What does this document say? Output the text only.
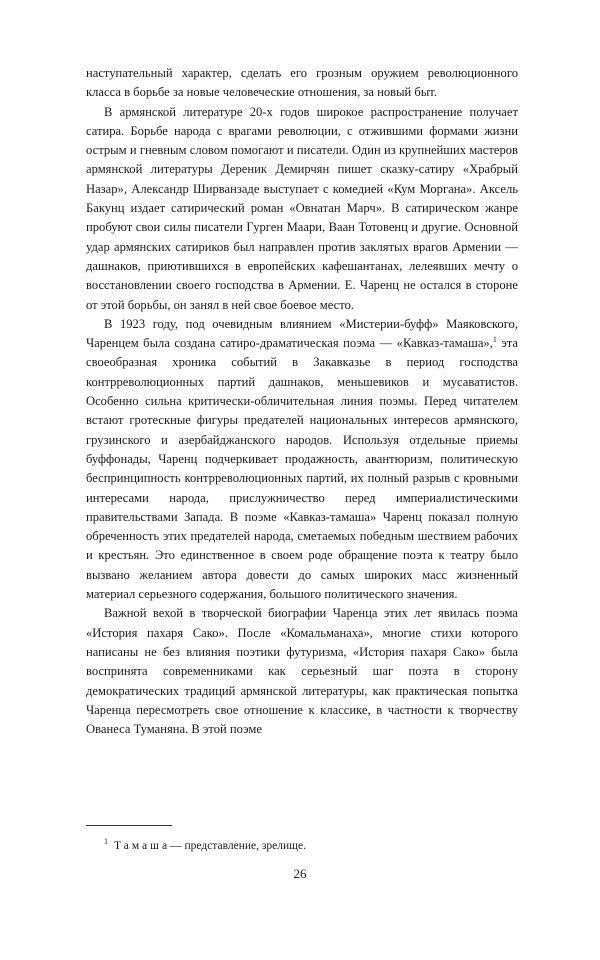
наступательный характер, сделать его грозным оружием революционного класса в борьбе за новые человеческие отношения, за новый быт.

В армянской литературе 20-х годов широкое распространение получает сатира. Борьбе народа с врагами революции, с отжившими формами жизни острым и гневным словом помогают и писатели. Один из крупнейших мастеров армянской литературы Дереник Демирчян пишет сказку-сатиру «Храбрый Назар», Александр Ширванзаде выступает с комедией «Кум Моргана». Аксель Бакунц издает сатирический роман «Овнатан Марч». В сатирическом жанре пробуют свои силы писатели Гурген Маари, Ваан Тотовенц и другие. Основной удар армянских сатириков был направлен против заклятых врагов Армении — дашнаков, приютившихся в европейских кафешантанах, лелеявших мечту о восстановлении своего господства в Армении. Е. Чаренц не остался в стороне от этой борьбы, он занял в ней свое боевое место.

В 1923 году, под очевидным влиянием «Мистерии-буфф» Маяковского, Чаренцем была создана сатиро-драматическая поэма — «Кавказ-тамаша»,$^1$ эта своеобразная хроника событий в Закавказье в период господства контрреволюционных партий дашнаков, меньшевиков и мусаватистов. Особенно сильна критически-обличительная линия поэмы. Перед читателем встают гротескные фигуры предателей национальных интересов армянского, грузинского и азербайджанского народов. Используя отдельные приемы буффонады, Чаренц подчеркивает продажность, авантюризм, политическую беспринципность контрреволюционных партий, их полный разрыв с кровными интересами народа, прислужничество перед империалистическими правительствами Запада. В поэме «Кавказ-тамаша» Чаренц показал полную обреченность этих предателей народа, сметаемых победным шествием рабочих и крестьян. Это единственное в своем роде обращение поэта к театру было вызвано желанием автора довести до самых широких масс жизненный материал серьезного содержания, большого политического значения.

Важной вехой в творческой биографии Чаренца этих лет явилась поэма «История пахаря Сако». После «Комальманаха», многие стихи которого написаны не без влияния поэтики футуризма, «История пахаря Сако» была воспринята современниками как серьезный шаг поэта в сторону демократических традиций армянской литературы, как практическая попытка Чаренца пересмотреть свое отношение к классике, в частности к творчеству Ованеса Туманяна. В этой поэме

$^1$ Тамаша— представление, зрелище.
26
